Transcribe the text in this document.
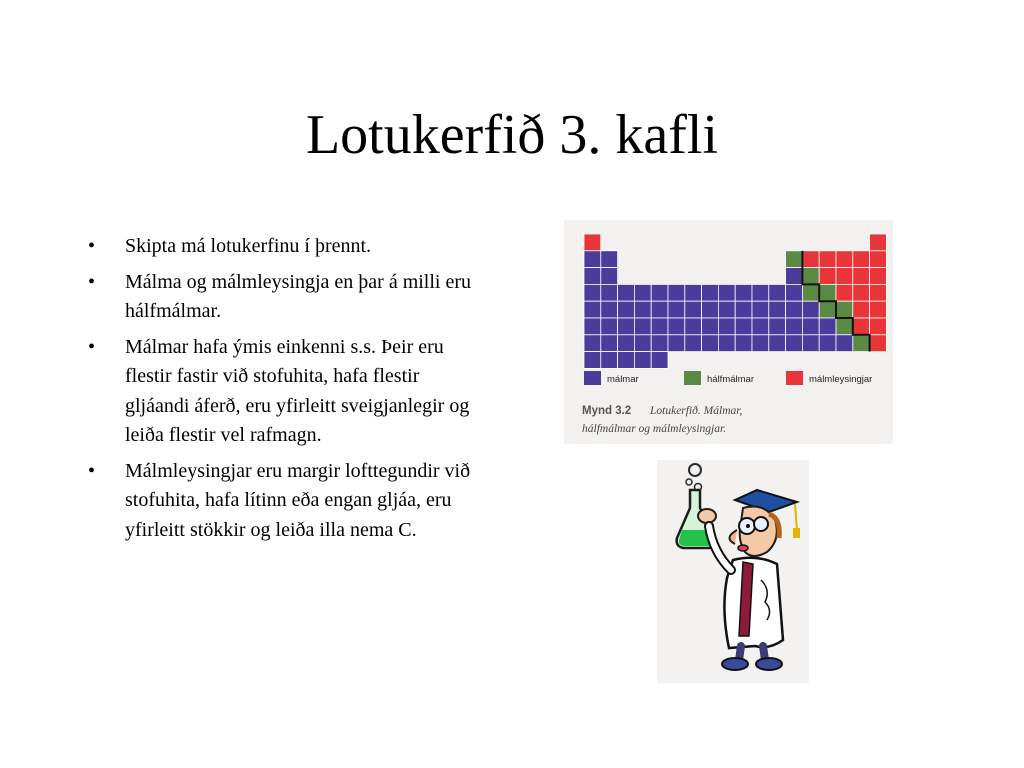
Lotukerfið 3. kafli
• Skipta má lotukerfinu í þrennt.
• Málma og málmleysingja en þar á milli eru hálfmálmar.
• Málmar hafa ýmis einkenni s.s. Þeir eru flestir fastir við stofuhita, hafa flestir gljáandi áferð, eru yfirleitt sveigjanlegir og leiða flestir vel rafmagn.
• Málmleysingjar eru margir lofttegundir við stofuhita, hafa lítinn eða engan gljáa, eru yfirleitt stökkir og leiða illa nema C.
málmar	hálfmálmar	málmleysingjar
Mynd 3.2 Lotukerfið. Málmar,
hálfmálmar og málmleysingjar.
